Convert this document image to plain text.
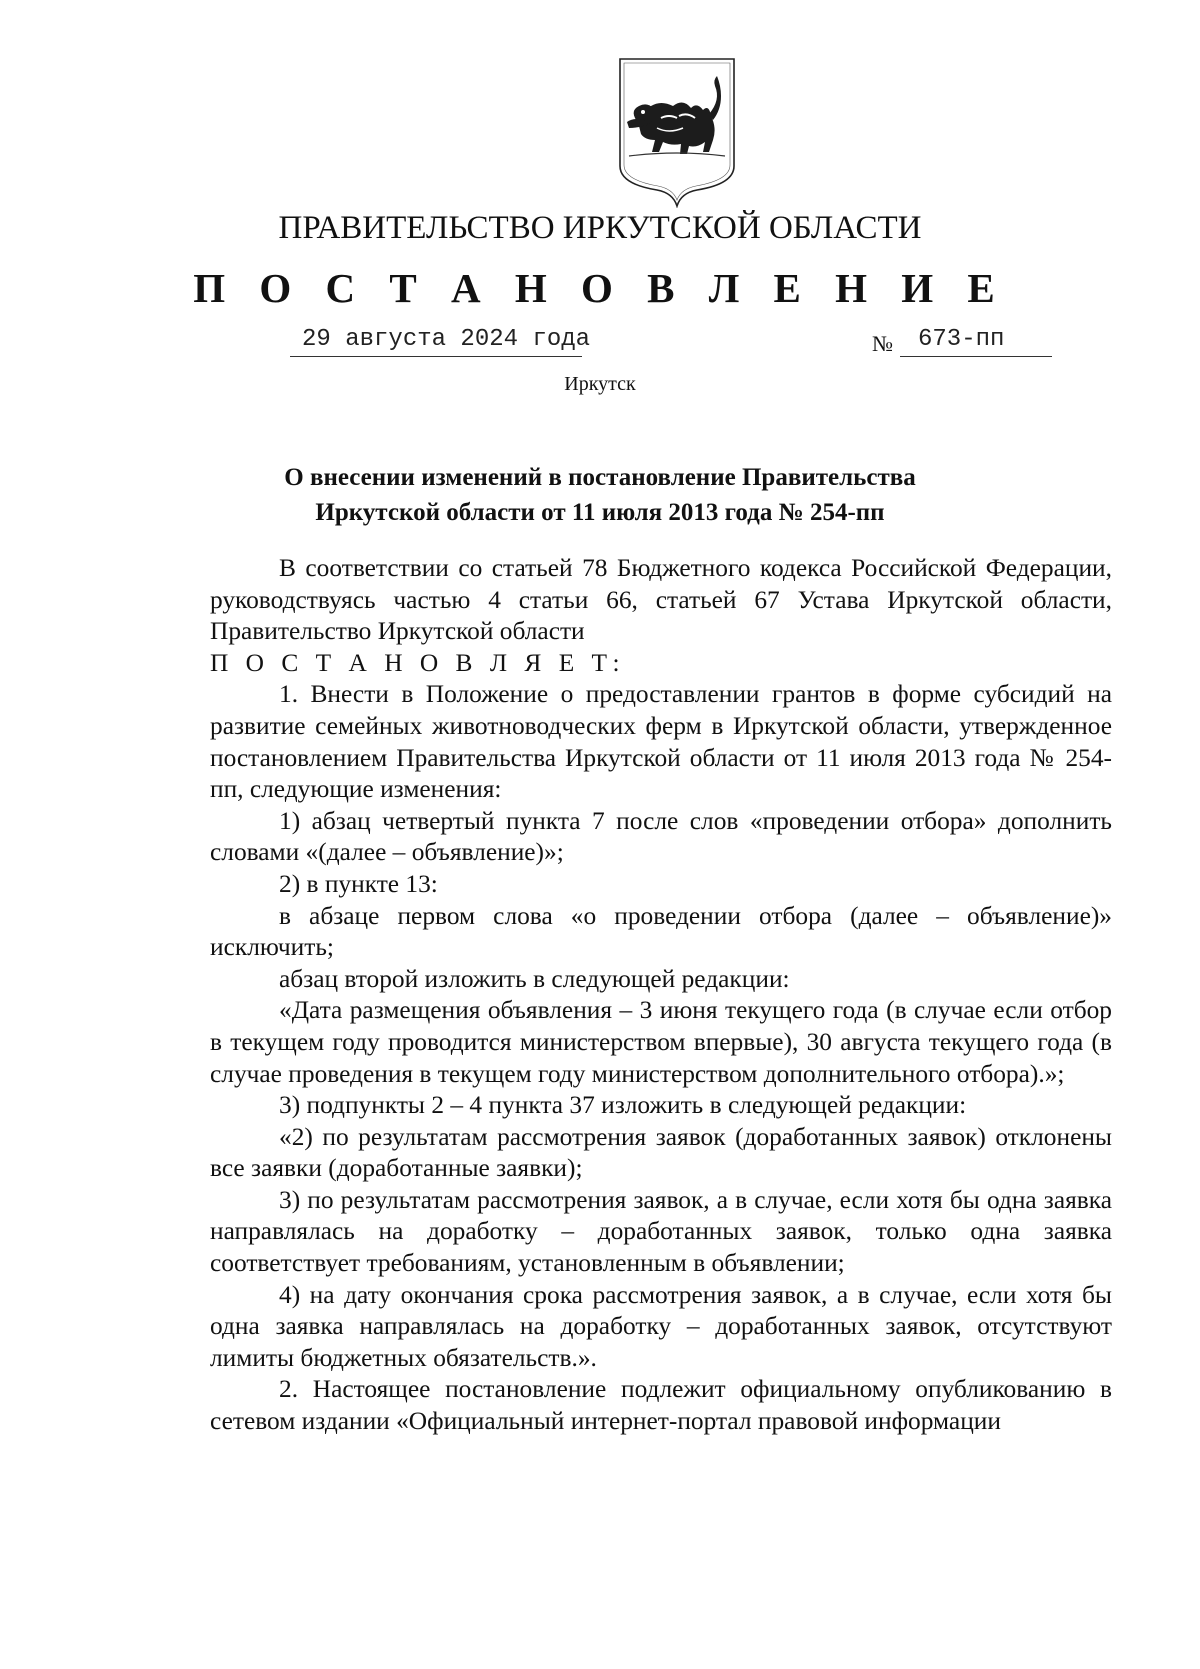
ПРАВИТЕЛЬСТВО ИРКУТСКОЙ ОБЛАСТИ
П О С Т А Н О В Л Е Н И Е
29 августа 2024 года	№ 673-пп
Иркутск
О внесении изменений в постановление Правительства
Иркутской области от 11 июля 2013 года № 254-пп

В соответствии со статьей 78 Бюджетного кодекса Российской Федерации, руководствуясь частью 4 статьи 66, статьей 67 Устава Иркутской области, Правительство Иркутской области

П О С Т А Н О В Л Я Е Т:

1. Внести в Положение о предоставлении грантов в форме субсидий на развитие семейных животноводческих ферм в Иркутской области, утвержденное постановлением Правительства Иркутской области от 11 июля 2013 года № 254-пп, следующие изменения:

1) абзац четвертый пункта 7 после слов «проведении отбора» дополнить словами «(далее – объявление)»;

2) в пункте 13:

в абзаце первом слова «о проведении отбора (далее – объявление)» исключить;

абзац второй изложить в следующей редакции:

«Дата размещения объявления – 3 июня текущего года (в случае если отбор в текущем году проводится министерством впервые), 30 августа текущего года (в случае проведения в текущем году министерством дополнительного отбора).»;

3) подпункты 2 – 4 пункта 37 изложить в следующей редакции:

«2) по результатам рассмотрения заявок (доработанных заявок) отклонены все заявки (доработанные заявки);

3) по результатам рассмотрения заявок, а в случае, если хотя бы одна заявка направлялась на доработку – доработанных заявок, только одна заявка соответствует требованиям, установленным в объявлении;

4) на дату окончания срока рассмотрения заявок, а в случае, если хотя бы одна заявка направлялась на доработку – доработанных заявок, отсутствуют лимиты бюджетных обязательств.».

2. Настоящее постановление подлежит официальному опубликованию в сетевом издании «Официальный интернет-портал правовой информации
